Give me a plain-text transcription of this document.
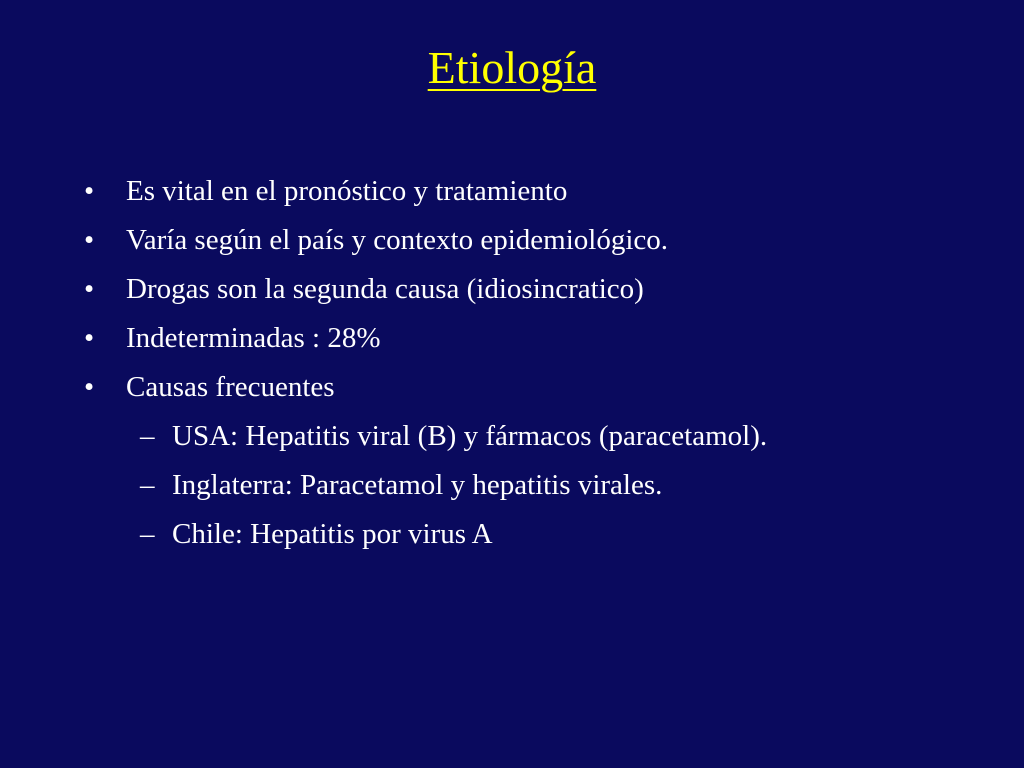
Etiología
•	Es vital en el pronóstico y tratamiento
•	Varía según el país y contexto epidemiológico.
•	Drogas son la segunda causa (idiosincratico)
•	Indeterminadas : 28%
•	Causas frecuentes
– USA: Hepatitis viral (B) y fármacos (paracetamol).
– Inglaterra: Paracetamol y hepatitis virales.
– Chile: Hepatitis por virus A
